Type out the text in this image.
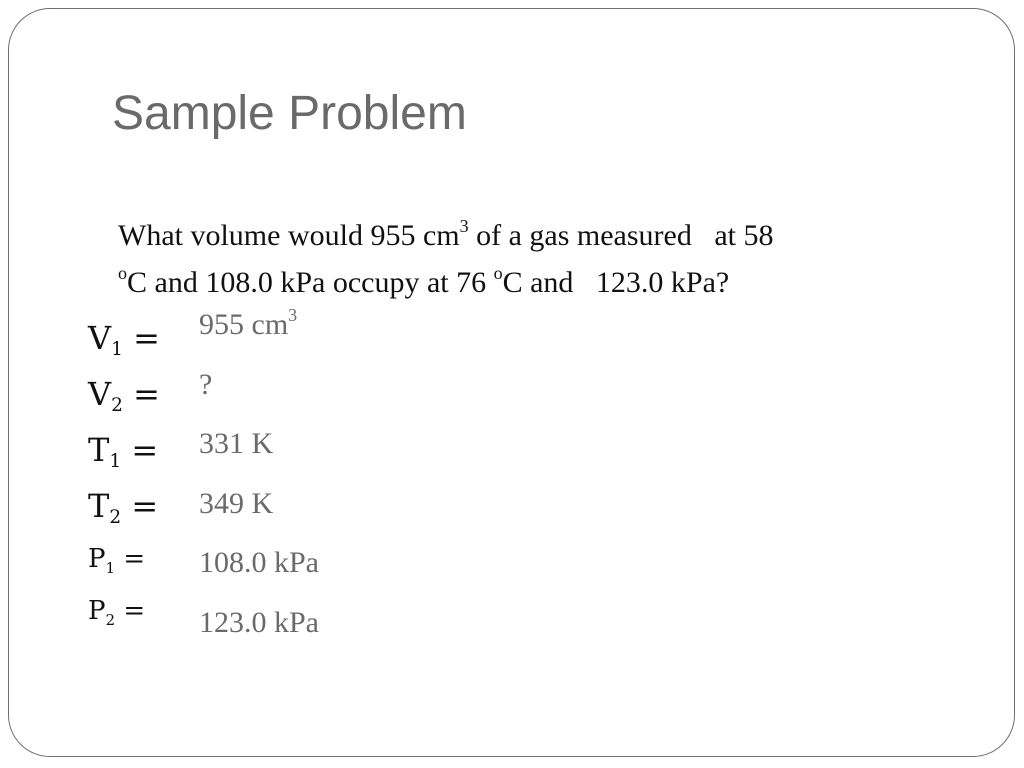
Sample Problem
What volume would 955 $cm^3$ of a gas measured   at 58
$^o$C and 108.0 kPa occupy at 76 $^o$C and   123.0 kPa?
$V_1$ =
$V_2$ =
$T_1$ =
$T_2$ =
$P_1$ =
$P_2$ =
955 $cm^3$
?
331 K
349 K
108.0 kPa
123.0 kPa
